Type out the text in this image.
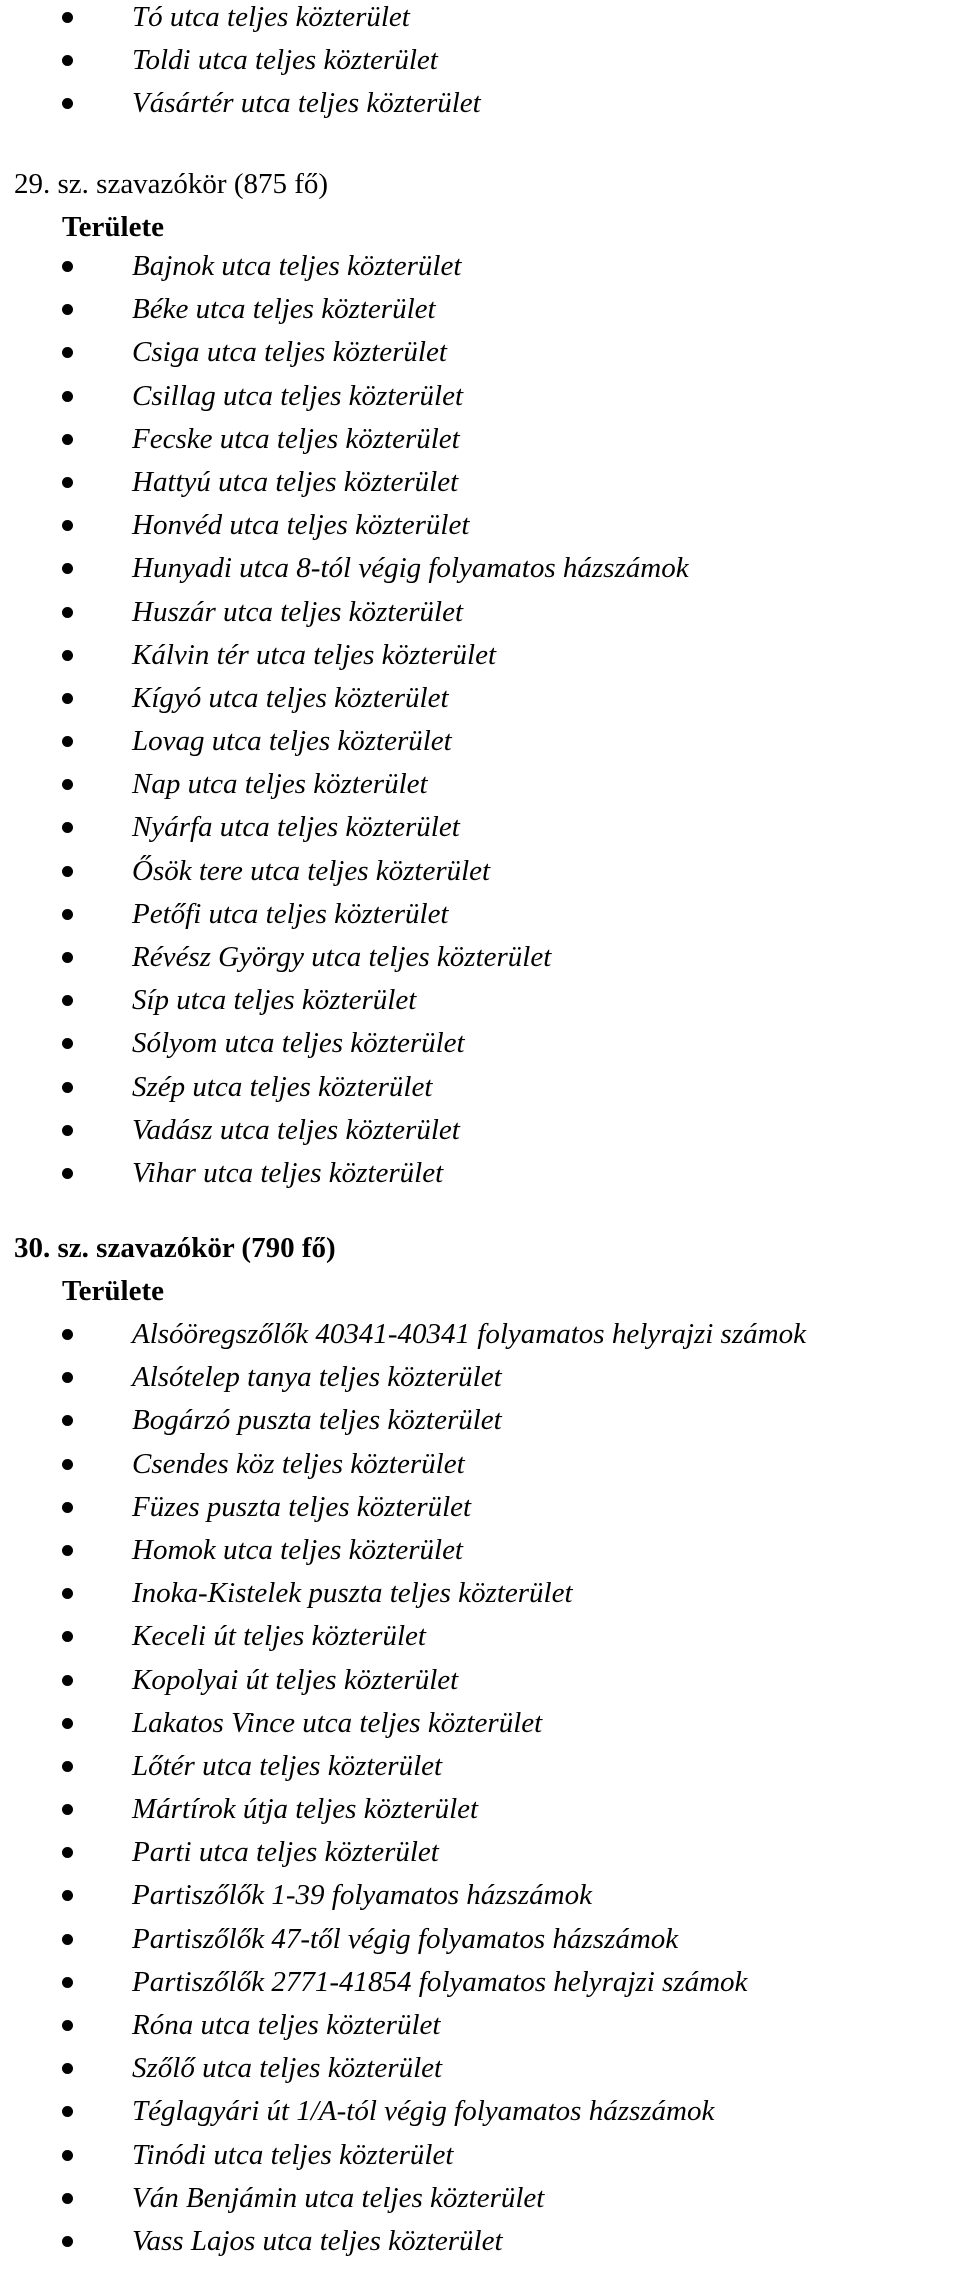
Tó utca teljes közterület
Toldi utca teljes közterület
Vásártér utca teljes közterület
29. sz. szavazókör (875 fő)
Területe
Bajnok utca teljes közterület
Béke utca teljes közterület
Csiga utca teljes közterület
Csillag utca teljes közterület
Fecske utca teljes közterület
Hattyú utca teljes közterület
Honvéd utca teljes közterület
Hunyadi utca 8-tól végig folyamatos házszámok
Huszár utca teljes közterület
Kálvin tér utca teljes közterület
Kígyó utca teljes közterület
Lovag utca teljes közterület
Nap utca teljes közterület
Nyárfa utca teljes közterület
Ősök tere utca teljes közterület
Petőfi utca teljes közterület
Révész György utca teljes közterület
Síp utca teljes közterület
Sólyom utca teljes közterület
Szép utca teljes közterület
Vadász utca teljes közterület
Vihar utca teljes közterület
30. sz. szavazókör (790 fő)
Területe
Alsóöregszőlők 40341-40341 folyamatos helyrajzi számok
Alsótelep tanya teljes közterület
Bogárzó puszta teljes közterület
Csendes köz teljes közterület
Füzes puszta teljes közterület
Homok utca teljes közterület
Inoka-Kistelek puszta teljes közterület
Keceli út teljes közterület
Kopolyai út teljes közterület
Lakatos Vince utca teljes közterület
Lőtér utca teljes közterület
Mártírok útja teljes közterület
Parti utca teljes közterület
Partiszőlők 1-39 folyamatos házszámok
Partiszőlők 47-től végig folyamatos házszámok
Partiszőlők 2771-41854 folyamatos helyrajzi számok
Róna utca teljes közterület
Szőlő utca teljes közterület
Téglagyári út 1/A-tól végig folyamatos házszámok
Tinódi utca teljes közterület
Ván Benjámin utca teljes közterület
Vass Lajos utca teljes közterület
